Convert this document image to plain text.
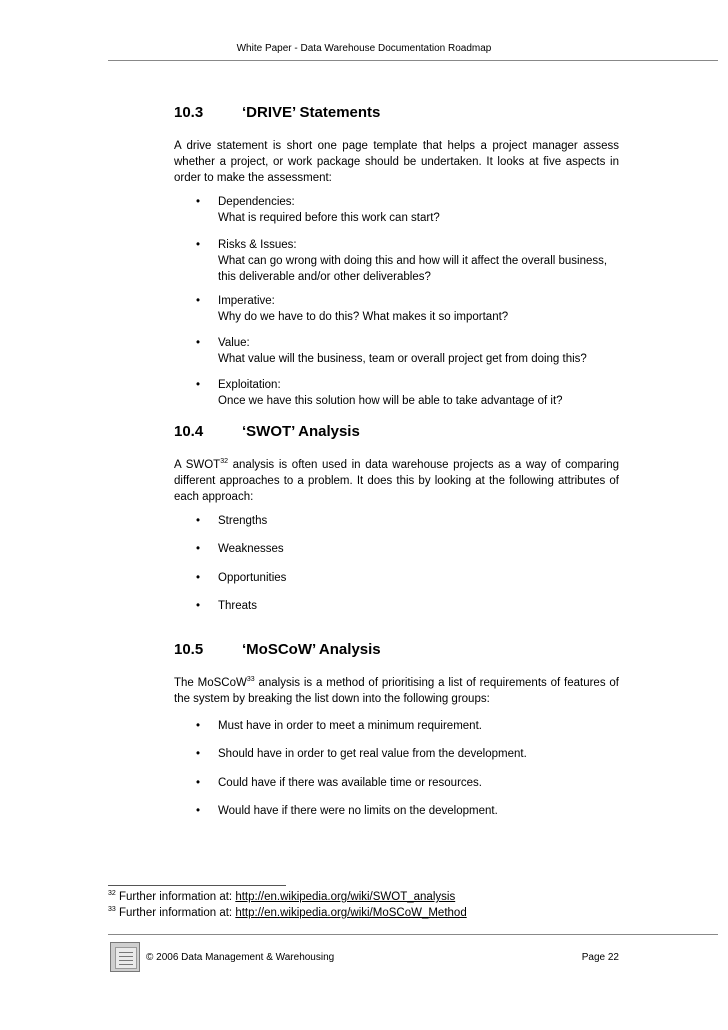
White Paper - Data Warehouse Documentation Roadmap
10.3	‘DRIVE’ Statements
A drive statement is short one page template that helps a project manager assess whether a project, or work package should be undertaken. It looks at five aspects in order to make the assessment:
•	Dependencies:
What is required before this work can start?
•	Risks & Issues:
What can go wrong with doing this and how will it affect the overall business, this deliverable and/or other deliverables?
•	Imperative:
Why do we have to do this? What makes it so important?
•	Value:
What value will the business, team or overall project get from doing this?
•	Exploitation:
Once we have this solution how will be able to take advantage of it?
10.4	‘SWOT’ Analysis
A SWOT$^{32}$ analysis is often used in data warehouse projects as a way of comparing different approaches to a problem. It does this by looking at the following attributes of each approach:
•	Strengths
•	Weaknesses
•	Opportunities
•	Threats
10.5	‘MoSCoW’ Analysis
The MoSCoW$^{33}$ analysis is a method of prioritising a list of requirements of features of the system by breaking the list down into the following groups:
•	Must have in order to meet a minimum requirement.
•	Should have in order to get real value from the development.
•	Could have if there was available time or resources.
•	Would have if there were no limits on the development.
$^{32}$ Further information at: http://en.wikipedia.org/wiki/SWOT_analysis
$^{33}$ Further information at: http://en.wikipedia.org/wiki/MoSCoW_Method
© 2006 Data Management & Warehousing	Page 22
